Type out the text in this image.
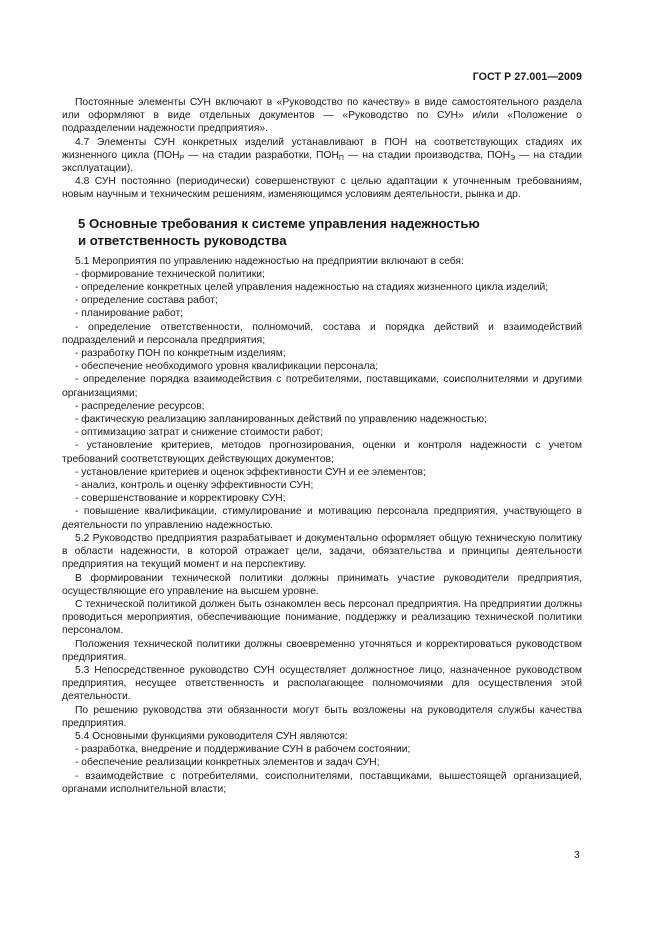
ГОСТ Р 27.001—2009

Постоянные элементы СУН включают в «Руководство по качеству» в виде самостоятельного раздела или оформляют в виде отдельных документов — «Руководство по СУН» и/или «Положение о подразделении надежности предприятия».

4.7 Элементы СУН конкретных изделий устанавливают в ПОН на соответствующих стадиях их жизненного цикла ($ПОН_Р$ — на стадии разработки, $ПОН_П$ — на стадии производства, $ПОН_Э$ — на стадии эксплуатации).

4.8 СУН постоянно (периодически) совершенствуют с целью адаптации к уточненным требованиям, новым научным и техническим решениям, изменяющимся условиям деятельности, рынка и др.

5 Основные требования к системе управления надежностью
и ответственность руководства

5.1 Мероприятия по управлению надежностью на предприятии включают в себя:

- формирование технической политики;

- определение конкретных целей управления надежностью на стадиях жизненного цикла изделий;

- определение состава работ;

- планирование работ;

- определение ответственности, полномочий, состава и порядка действий и взаимодействий подразделений и персонала предприятия;

- разработку ПОН по конкретным изделиям;

- обеспечение необходимого уровня квалификации персонала;

- определение порядка взаимодействия с потребителями, поставщиками, соисполнителями и другими организациями;

- распределение ресурсов;

- фактическую реализацию запланированных действий по управлению надежностью;

- оптимизацию затрат и снижение стоимости работ;

- установление критериев, методов прогнозирования, оценки и контроля надежности с учетом требований соответствующих действующих документов;

- установление критериев и оценок эффективности СУН и ее элементов;

- анализ, контроль и оценку эффективности СУН;

- совершенствование и корректировку СУН;

- повышение квалификации, стимулирование и мотивацию персонала предприятия, участвующего в деятельности по управлению надежностью.

5.2 Руководство предприятия разрабатывает и документально оформляет общую техническую политику в области надежности, в которой отражает цели, задачи, обязательства и принципы деятельности предприятия на текущий момент и на перспективу.

В формировании технической политики должны принимать участие руководители предприятия, осуществляющие его управление на высшем уровне.

С технической политикой должен быть ознакомлен весь персонал предприятия. На предприятии должны проводиться мероприятия, обеспечивающие понимание, поддержку и реализацию технической политики персоналом.

Положения технической политики должны своевременно уточняться и корректироваться руководством предприятия.

5.3 Непосредственное руководство СУН осуществляет должностное лицо, назначенное руководством предприятия, несущее ответственность и располагающее полномочиями для осуществления этой деятельности.

По решению руководства эти обязанности могут быть возложены на руководителя службы качества предприятия.

5.4 Основными функциями руководителя СУН являются:

- разработка, внедрение и поддерживание СУН в рабочем состоянии;

- обеспечение реализации конкретных элементов и задач СУН;

- взаимодействие с потребителями, соисполнителями, поставщиками, вышестоящей организацией, органами исполнительной власти;

3
